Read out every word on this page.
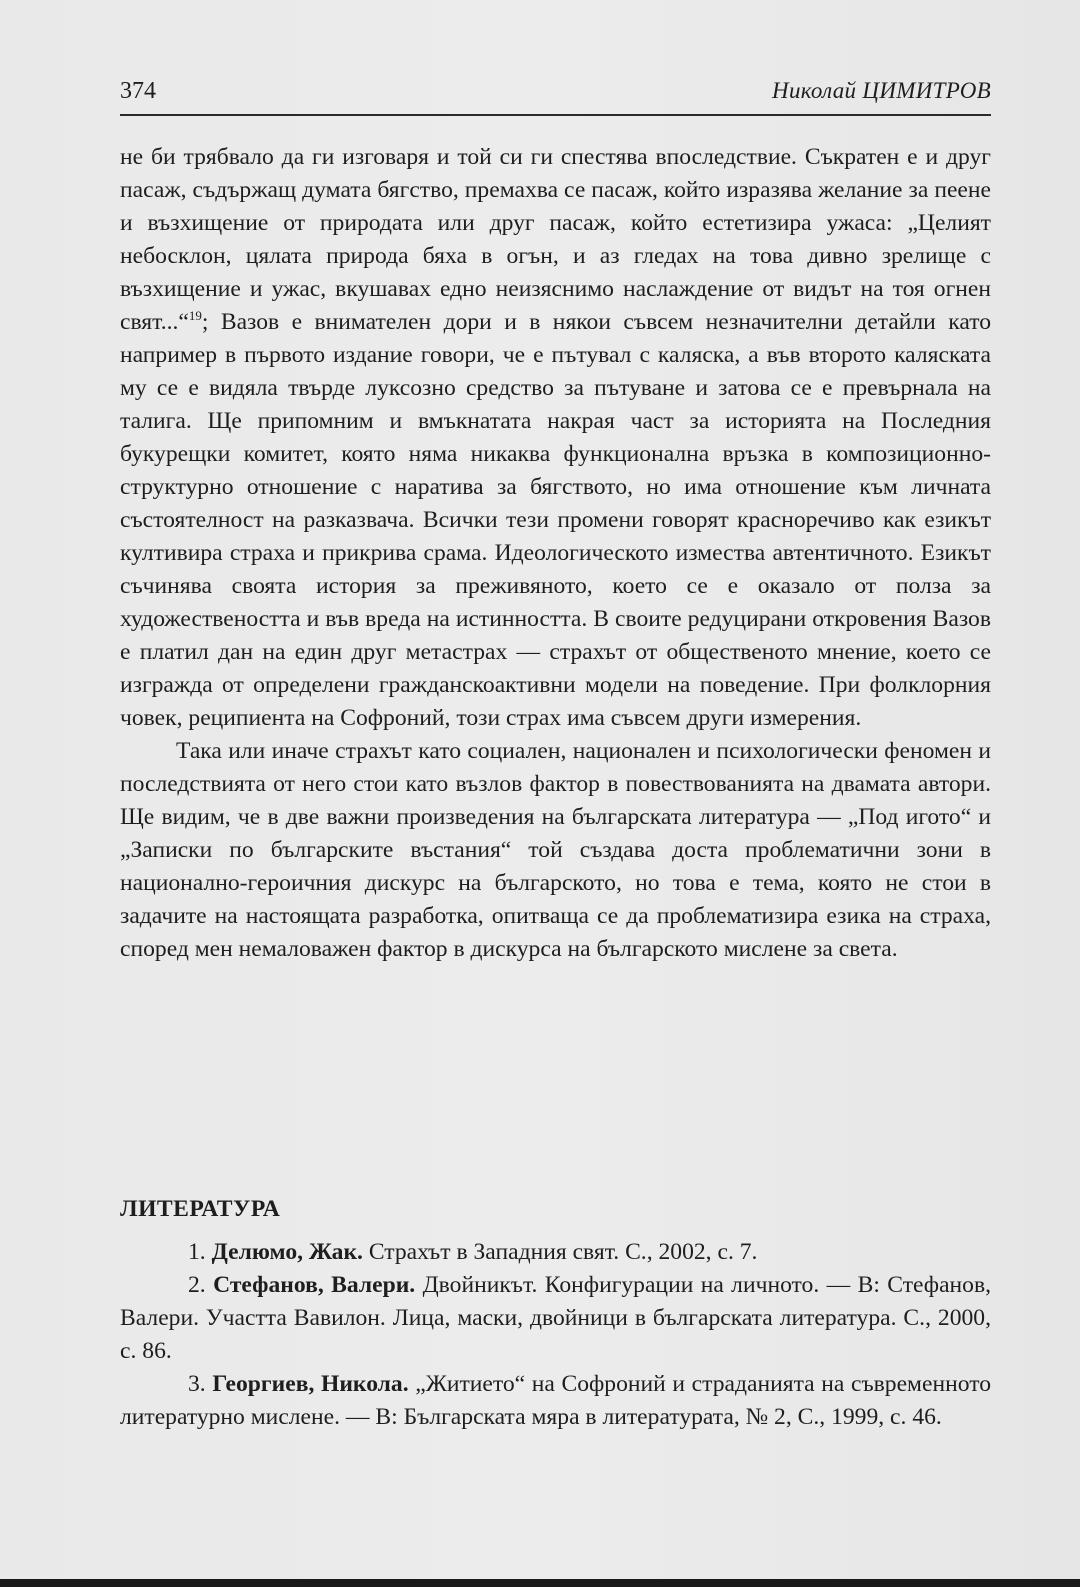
374	Николай ЦИМИТРОВ

не би трябвало да ги изговаря и той си ги спестява впоследствие. Съкратен е и друг пасаж, съдържащ думата бягство, премахва се пасаж, който изразява желание за пеене и възхищение от природата или друг пасаж, който естетизира ужаса: „Целият небосклон, цялата природа бяха в огън, и аз гледах на това дивно зрелище с възхищение и ужас, вкушавах едно неизяснимо наслаждение от видът на тоя огнен свят...“$^{19}$; Вазов е внимателен дори и в някои съвсем незначителни детайли като например в първото издание говори, че е пътувал с каляска, а във второто каляската му се е видяла твърде луксозно средство за пътуване и затова се е превърнала на талига. Ще припомним и вмъкнатата накрая част за историята на Последния букурещки комитет, която няма никаква функционална връзка в композиционно-структурно отношение с наратива за бягството, но има отношение към личната състоятелност на разказвача. Всички тези промени говорят красноречиво как езикът култивира страха и прикрива срама. Идеологическото измества автентичното. Езикът съчинява своята история за преживяното, което се е оказало от полза за художествеността и във вреда на истинността. В своите редуцирани откровения Вазов е платил дан на един друг метастрах — страхът от общественото мнение, което се изгражда от определени гражданскоактивни модели на поведение. При фолклорния човек, реципиента на Софроний, този страх има съвсем други измерения.

Така или иначе страхът като социален, национален и психологически феномен и последствията от него стои като възлов фактор в повествованията на двамата автори. Ще видим, че в две важни произведения на българската литература — „Под игото“ и „Записки по българските въстания“ той създава доста проблематични зони в национално-героичния дискурс на българското, но това е тема, която не стои в задачите на настоящата разработка, опитваща се да проблематизира езика на страха, според мен немаловажен фактор в дискурса на българското мислене за света.

ЛИТЕРАТУРА

1. Делюмо, Жак. Страхът в Западния свят. С., 2002, с. 7.

2. Стефанов, Валери. Двойникът. Конфигурации на личното. — В: Стефанов, Валери. Участта Вавилон. Лица, маски, двойници в българската литература. С., 2000, с. 86.

3. Георгиев, Никола. „Житието“ на Софроний и страданията на съвременното литературно мислене. — В: Българската мяра в литературата, № 2, С., 1999, с. 46.
